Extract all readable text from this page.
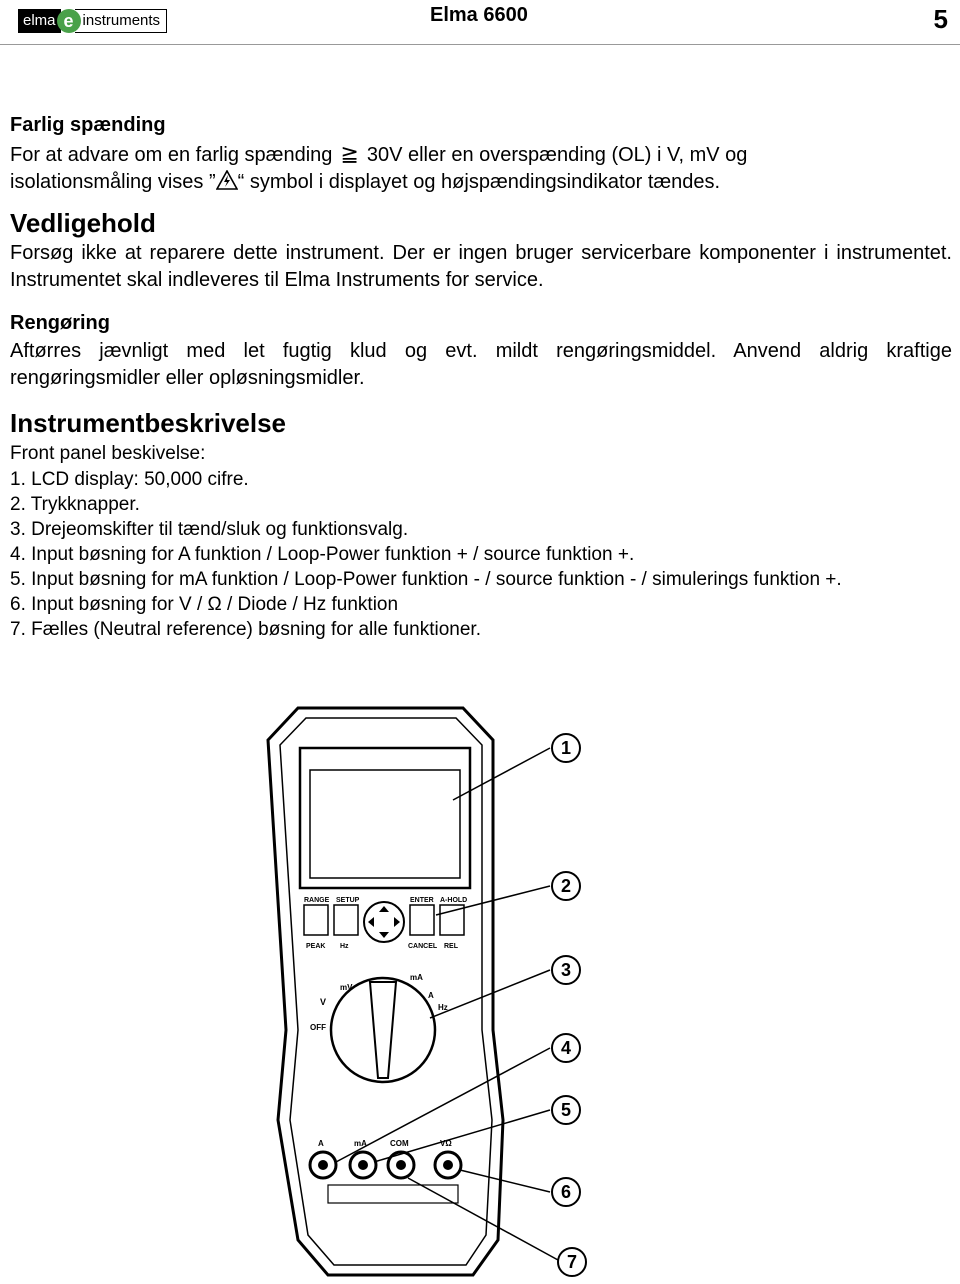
elma e instruments	Elma 6600	5
Farlig spænding

For at advare om en farlig spænding ≧ 30V eller en overspænding (OL) i V, mV og
isolationsmåling vises ” “ symbol i displayet og højspændingsindikator tændes.

Vedligehold

Forsøg ikke at reparere dette instrument. Der er ingen bruger servicerbare komponenter i instrumentet. Instrumentet skal indleveres til Elma Instruments for service.

Rengøring

Aftørres jævnligt med let fugtig klud og evt. mildt rengøringsmiddel. Anvend aldrig kraftige rengøringsmidler eller opløsningsmidler.

Instrumentbeskrivelse

Front panel beskivelse:

1. LCD display: 50,000 cifre.
2. Trykknapper.
3. Drejeomskifter til tænd/sluk og funktionsvalg.
4. Input bøsning for A funktion / Loop-Power funktion + / source funktion +.
5. Input bøsning for mA funktion / Loop-Power funktion - / source funktion - / simulerings funktion +.
6. Input bøsning for V / Ω / Diode / Hz funktion
7. Fælles (Neutral reference) bøsning for alle funktioner.
RANGE SETUP	ENTER A-HOLD
PEAK Hz	CANCEL REL
V
mV
OFF
mA
A
Hz
A	mA	COM	VΩ
1
2
3
4
5
6
7
